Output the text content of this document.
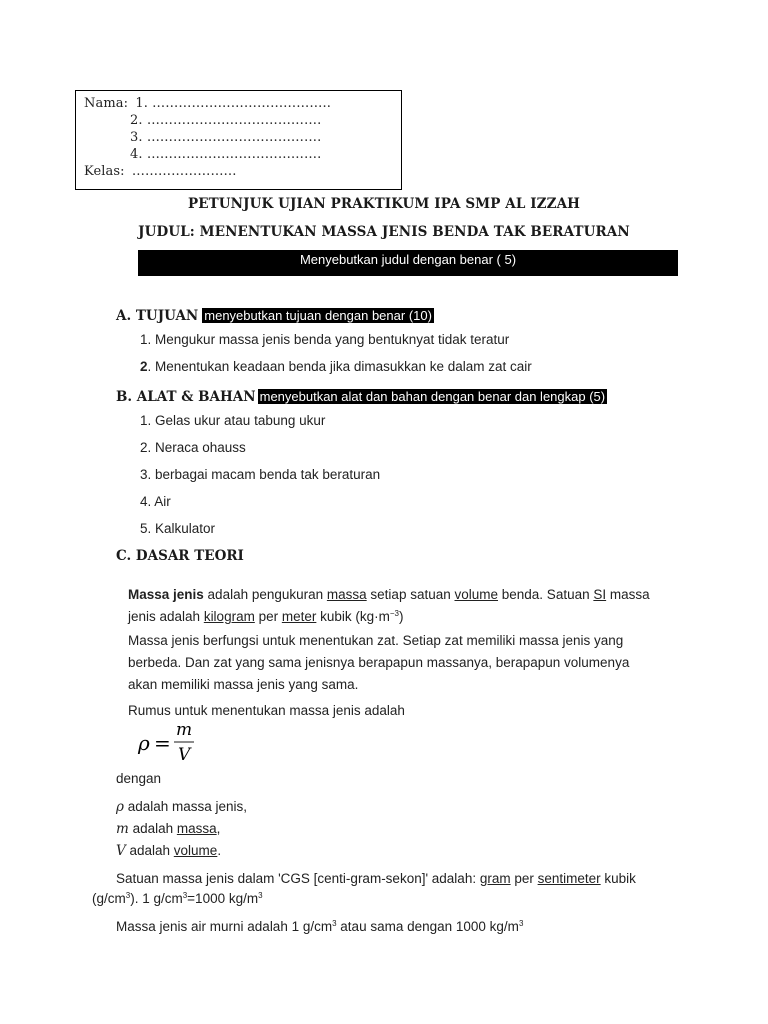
Nama: 1. …………………………………..
2. ………………………………….
3. ………………………………….
4. ………………………………….
Kelas: ……………………
PETUNJUK UJIAN PRAKTIKUM IPA SMP AL IZZAH
JUDUL: MENENTUKAN MASSA JENIS BENDA TAK BERATURAN
Menyebutkan judul dengan benar ( 5)
A. TUJUAN menyebutkan tujuan dengan benar (10)
1. Mengukur massa jenis benda yang bentuknyat tidak teratur
2. Menentukan keadaan benda jika dimasukkan ke dalam zat cair
B. ALAT & BAHAN menyebutkan alat dan bahan dengan benar dan lengkap (5)
1. Gelas ukur atau tabung ukur
2. Neraca ohauss
3. berbagai macam benda tak beraturan
4. Air
5. Kalkulator
C. DASAR TEORI
Massa jenis adalah pengukuran massa setiap satuan volume benda. Satuan SI massa
jenis adalah kilogram per meter kubik $(kg\cdot m^{-3})$
Massa jenis berfungsi untuk menentukan zat. Setiap zat memiliki massa jenis yang
berbeda. Dan zat yang sama jenisnya berapapun massanya, berapapun volumenya
akan memiliki massa jenis yang sama.
Rumus untuk menentukan massa jenis adalah
ρ =
m
V
dengan
ρ adalah massa jenis,
m adalah massa,
V adalah volume.
Satuan massa jenis dalam 'CGS [centi-gram-sekon]' adalah: gram per sentimeter kubik
$(g/cm^3)$. 1 $g/cm^3=1000$ $kg/m^3$
Massa jenis air murni adalah 1 $g/cm^3$ atau sama dengan 1000 $kg/m^3$
